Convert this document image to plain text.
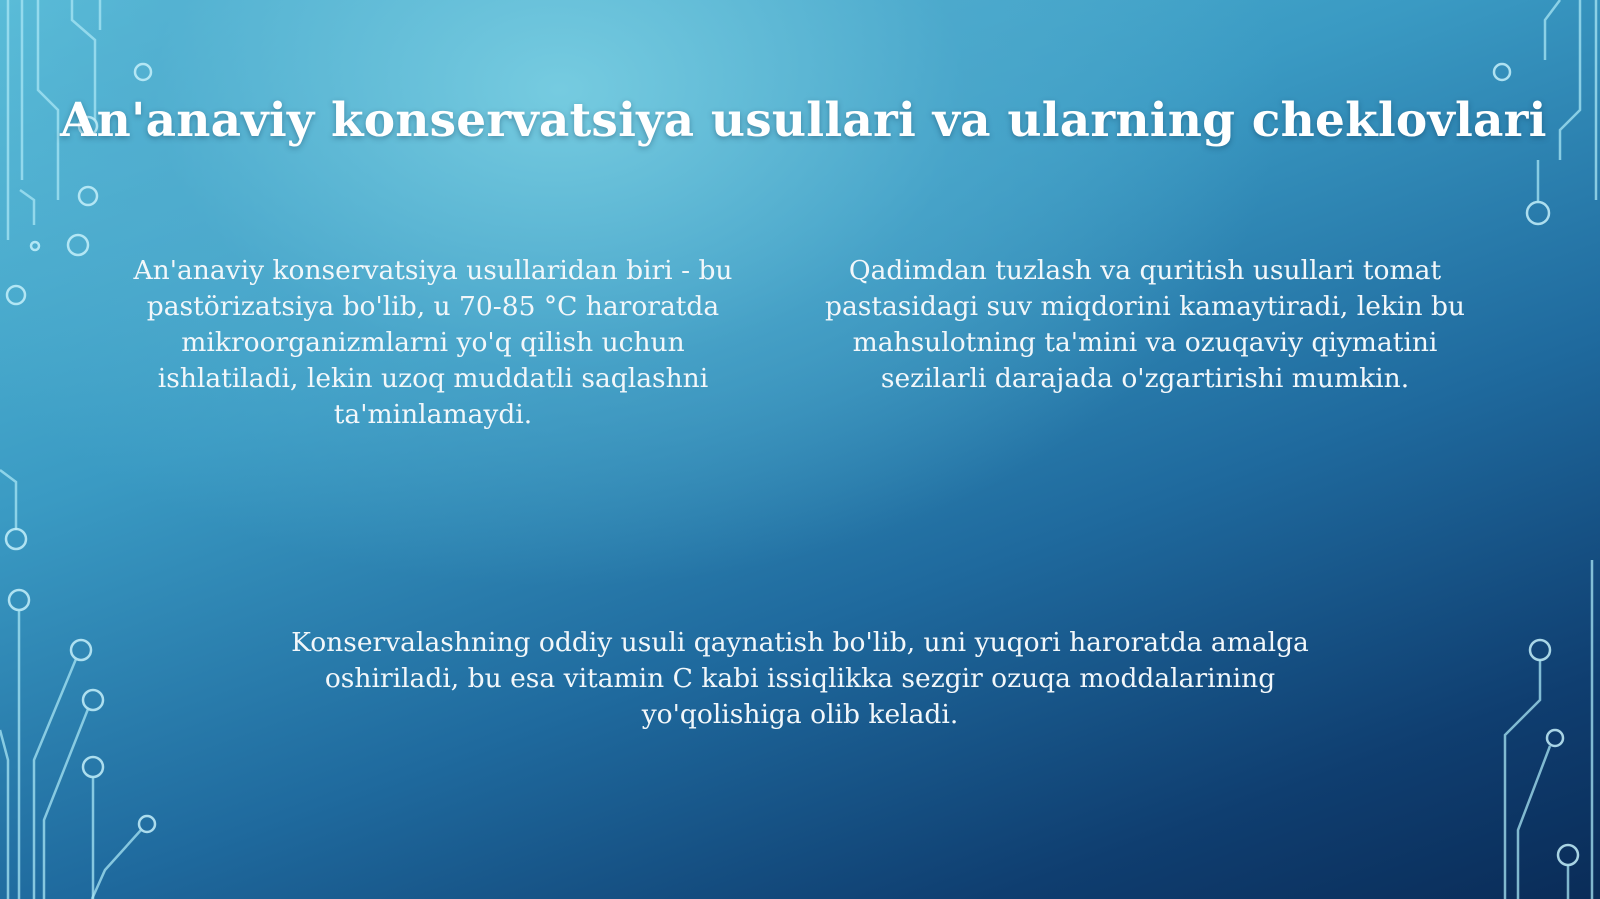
An'anaviy konservatsiya usullari va ularning cheklovlari

An'anaviy konservatsiya usullaridan biri - bu pastörizatsiya bo'lib, u 70-85 °C haroratda mikroorganizmlarni yo'q qilish uchun ishlatiladi, lekin uzoq muddatli saqlashni ta'minlamaydi.

Qadimdan tuzlash va quritish usullari tomat pastasidagi suv miqdorini kamaytiradi, lekin bu mahsulotning ta'mini va ozuqaviy qiymatini sezilarli darajada o'zgartirishi mumkin.

Konservalashning oddiy usuli qaynatish bo'lib, uni yuqori haroratda amalga oshiriladi, bu esa vitamin C kabi issiqlikka sezgir ozuqa moddalarining yo'qolishiga olib keladi.
